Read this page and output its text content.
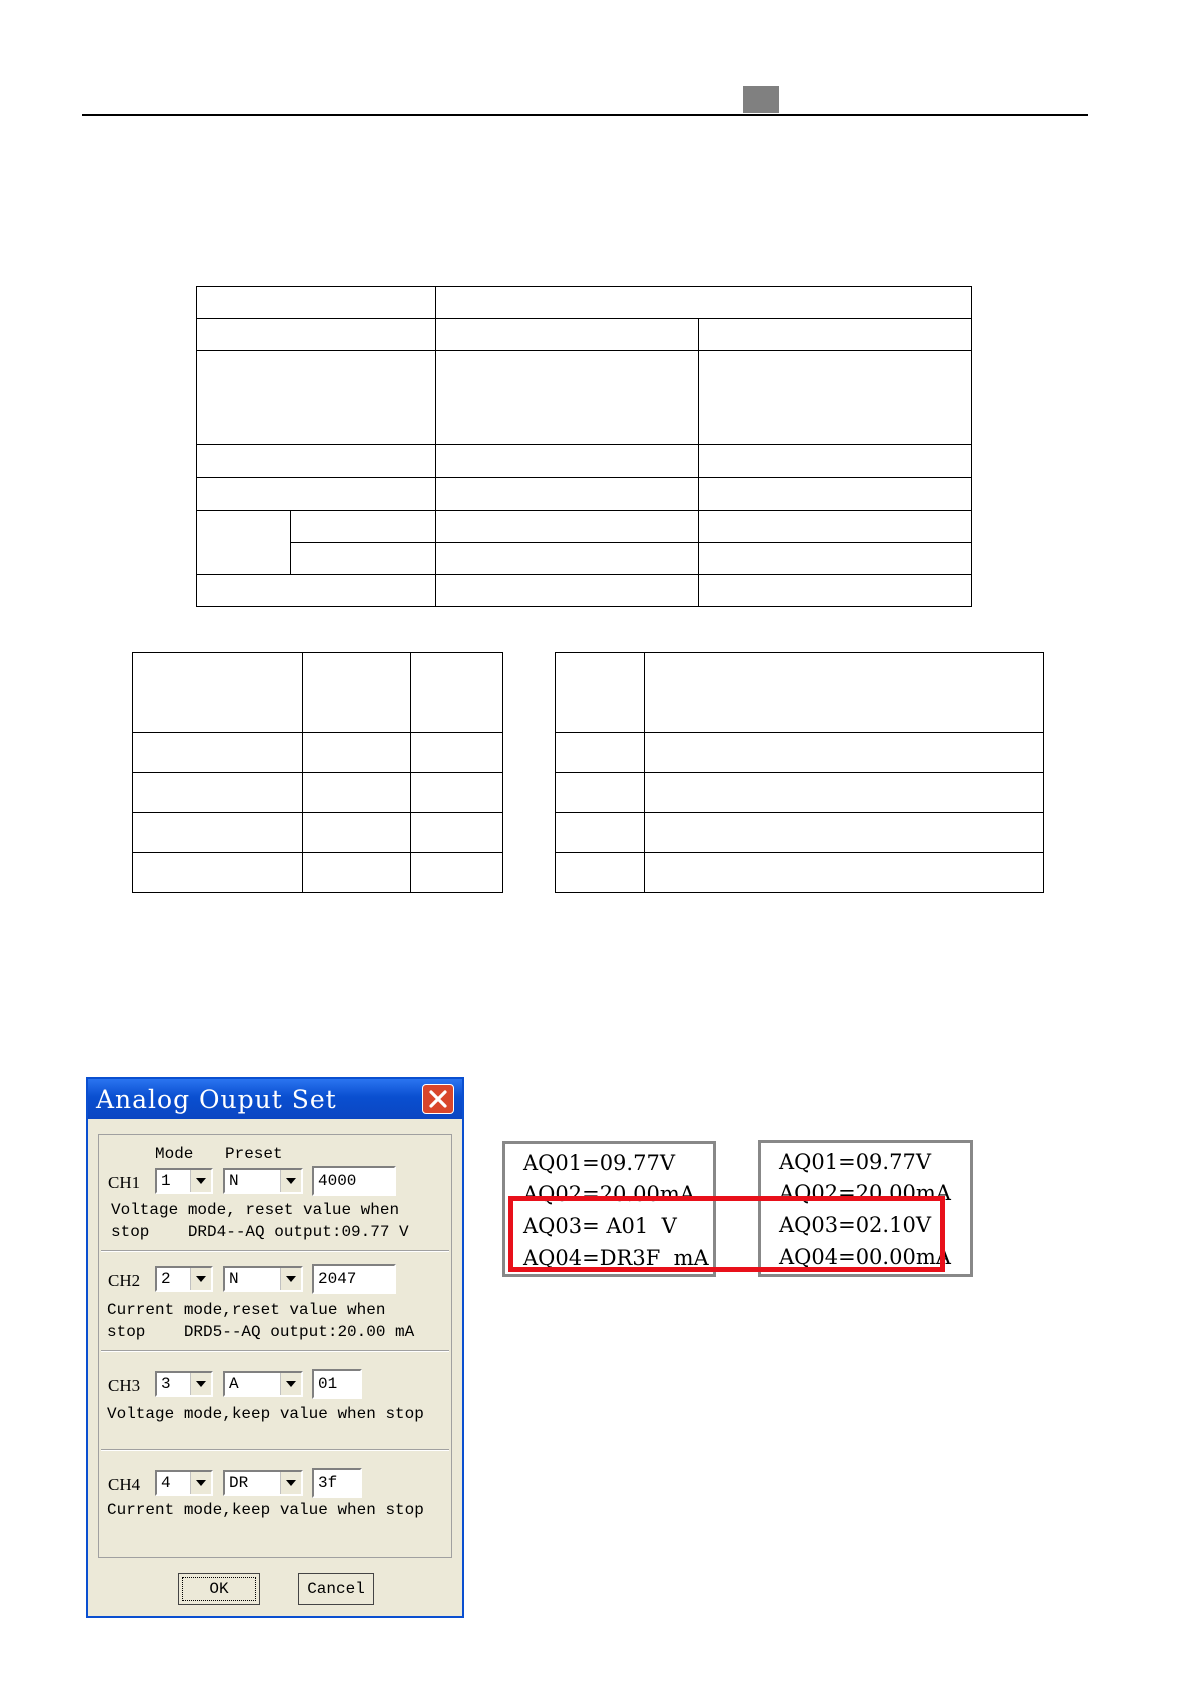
Analog Ouput Set
Mode Preset
CH1 1	N	4000
Voltage mode, reset value when
stop    DRD4--AQ output:09.77 V
CH2 2	N	2047
Current mode,reset value when
stop    DRD5--AQ output:20.00 mA
CH3 3	A	01
Voltage mode,keep value when stop
CH4 4	DR	3f
Current mode,keep value when stop
OK	Cancel
AQ01=09.77V
AQ02=20.00mA
AQ03= A01  V
AQ04=DR3F  mA
AQ01=09.77V
AQ02=20.00mA
AQ03=02.10V
AQ04=00.00mA
